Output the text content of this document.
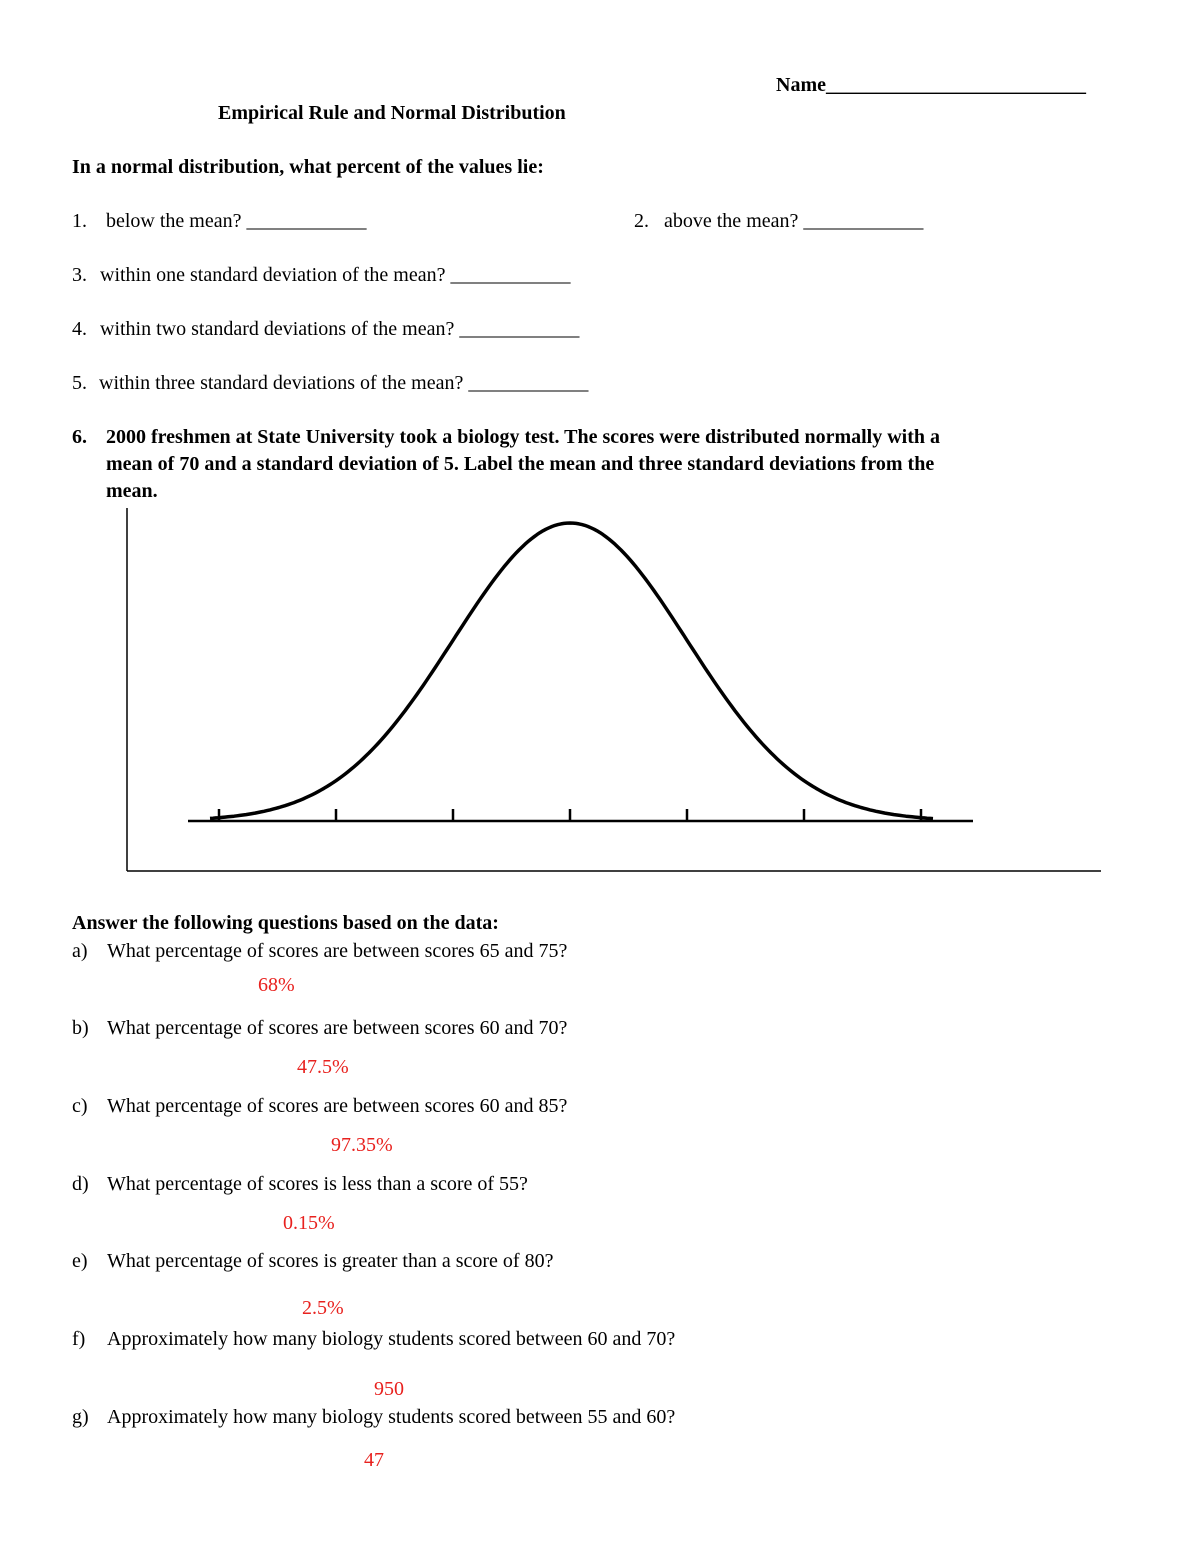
Name__________________________
Empirical Rule and Normal Distribution
In a normal distribution, what percent of the values lie:
1. below the mean? ____________	2. above the mean? ____________
3. within one standard deviation of the mean? ____________
4. within two standard deviations of the mean? ____________
5. within three standard deviations of the mean? ____________
6. 2000 freshmen at State University took a biology test. The scores were distributed normally with a
mean of 70 and a standard deviation of 5. Label the mean and three standard deviations from the
mean.
Answer the following questions based on the data:
a) What percentage of scores are between scores 65 and 75?
68%
b) What percentage of scores are between scores 60 and 70?
47.5%
c) What percentage of scores are between scores 60 and 85?
97.35%
d) What percentage of scores is less than a score of 55?
0.15%
e) What percentage of scores is greater than a score of 80?
2.5%
f) Approximately how many biology students scored between 60 and 70?
950
g) Approximately how many biology students scored between 55 and 60?
47
